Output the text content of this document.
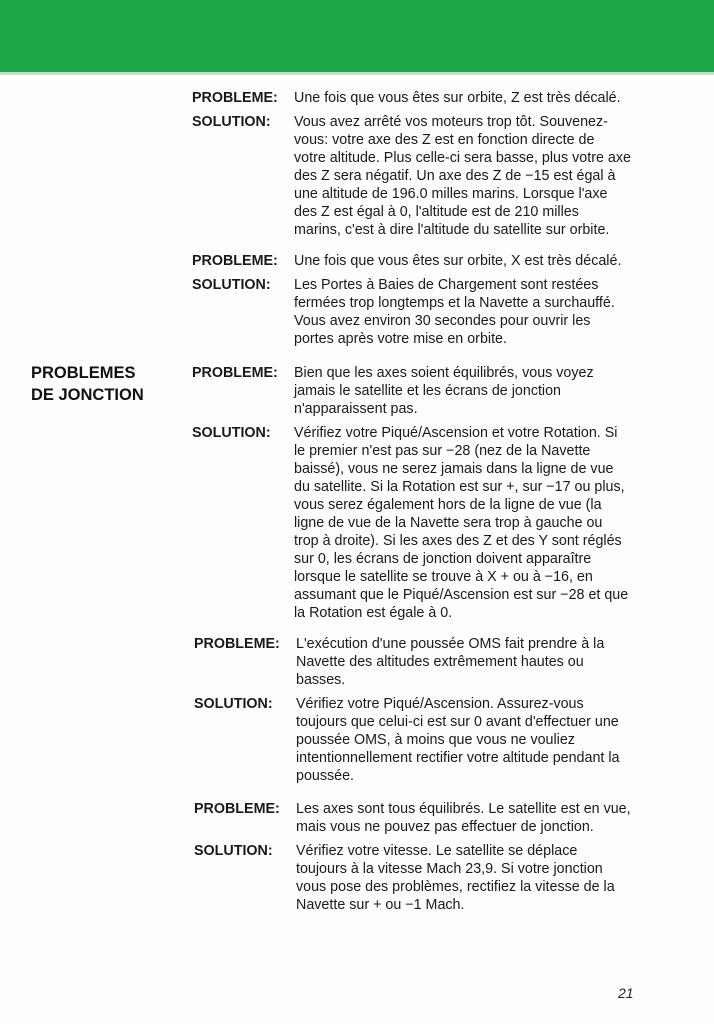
PROBLEMES
DE JONCTION

PROBLEME: Une fois que vous êtes sur orbite, Z est très décalé.

SOLUTION: Vous avez arrêté vos moteurs trop tôt. Souvenez-
vous: votre axe des Z est en fonction directe de
votre altitude. Plus celle-ci sera basse, plus votre axe
des Z sera négatif. Un axe des Z de −15 est égal à
une altitude de 196.0 milles marins. Lorsque l'axe
des Z est égal à 0, l'altitude est de 210 milles
marins, c'est à dire l'altitude du satellite sur orbite.

PROBLEME: Une fois que vous êtes sur orbite, X est très décalé.

SOLUTION: Les Portes à Baies de Chargement sont restées
fermées trop longtemps et la Navette a surchauffé.
Vous avez environ 30 secondes pour ouvrir les
portes après votre mise en orbite.

PROBLEME: Bien que les axes soient équilibrés, vous voyez
jamais le satellite et les écrans de jonction
n'apparaissent pas.

SOLUTION: Vérifiez votre Piqué/Ascension et votre Rotation. Si
le premier n'est pas sur −28 (nez de la Navette
baissé), vous ne serez jamais dans la ligne de vue
du satellite. Si la Rotation est sur +, sur −17 ou plus,
vous serez également hors de la ligne de vue (la
ligne de vue de la Navette sera trop à gauche ou
trop à droite). Si les axes des Z et des Y sont réglés
sur 0, les écrans de jonction doivent apparaître
lorsque le satellite se trouve à X + ou à −16, en
assumant que le Piqué/Ascension est sur −28 et que
la Rotation est égale à 0.

PROBLEME: L'exécution d'une poussée OMS fait prendre à la
Navette des altitudes extrêmement hautes ou
basses.

SOLUTION: Vérifiez votre Piqué/Ascension. Assurez-vous
toujours que celui-ci est sur 0 avant d'effectuer une
poussée OMS, à moins que vous ne vouliez
intentionnellement rectifier votre altitude pendant la
poussée.

PROBLEME: Les axes sont tous équilibrés. Le satellite est en vue,
mais vous ne pouvez pas effectuer de jonction.

SOLUTION: Vérifiez votre vitesse. Le satellite se déplace
toujours à la vitesse Mach 23,9. Si votre jonction
vous pose des problèmes, rectifiez la vitesse de la
Navette sur + ou −1 Mach.

21
